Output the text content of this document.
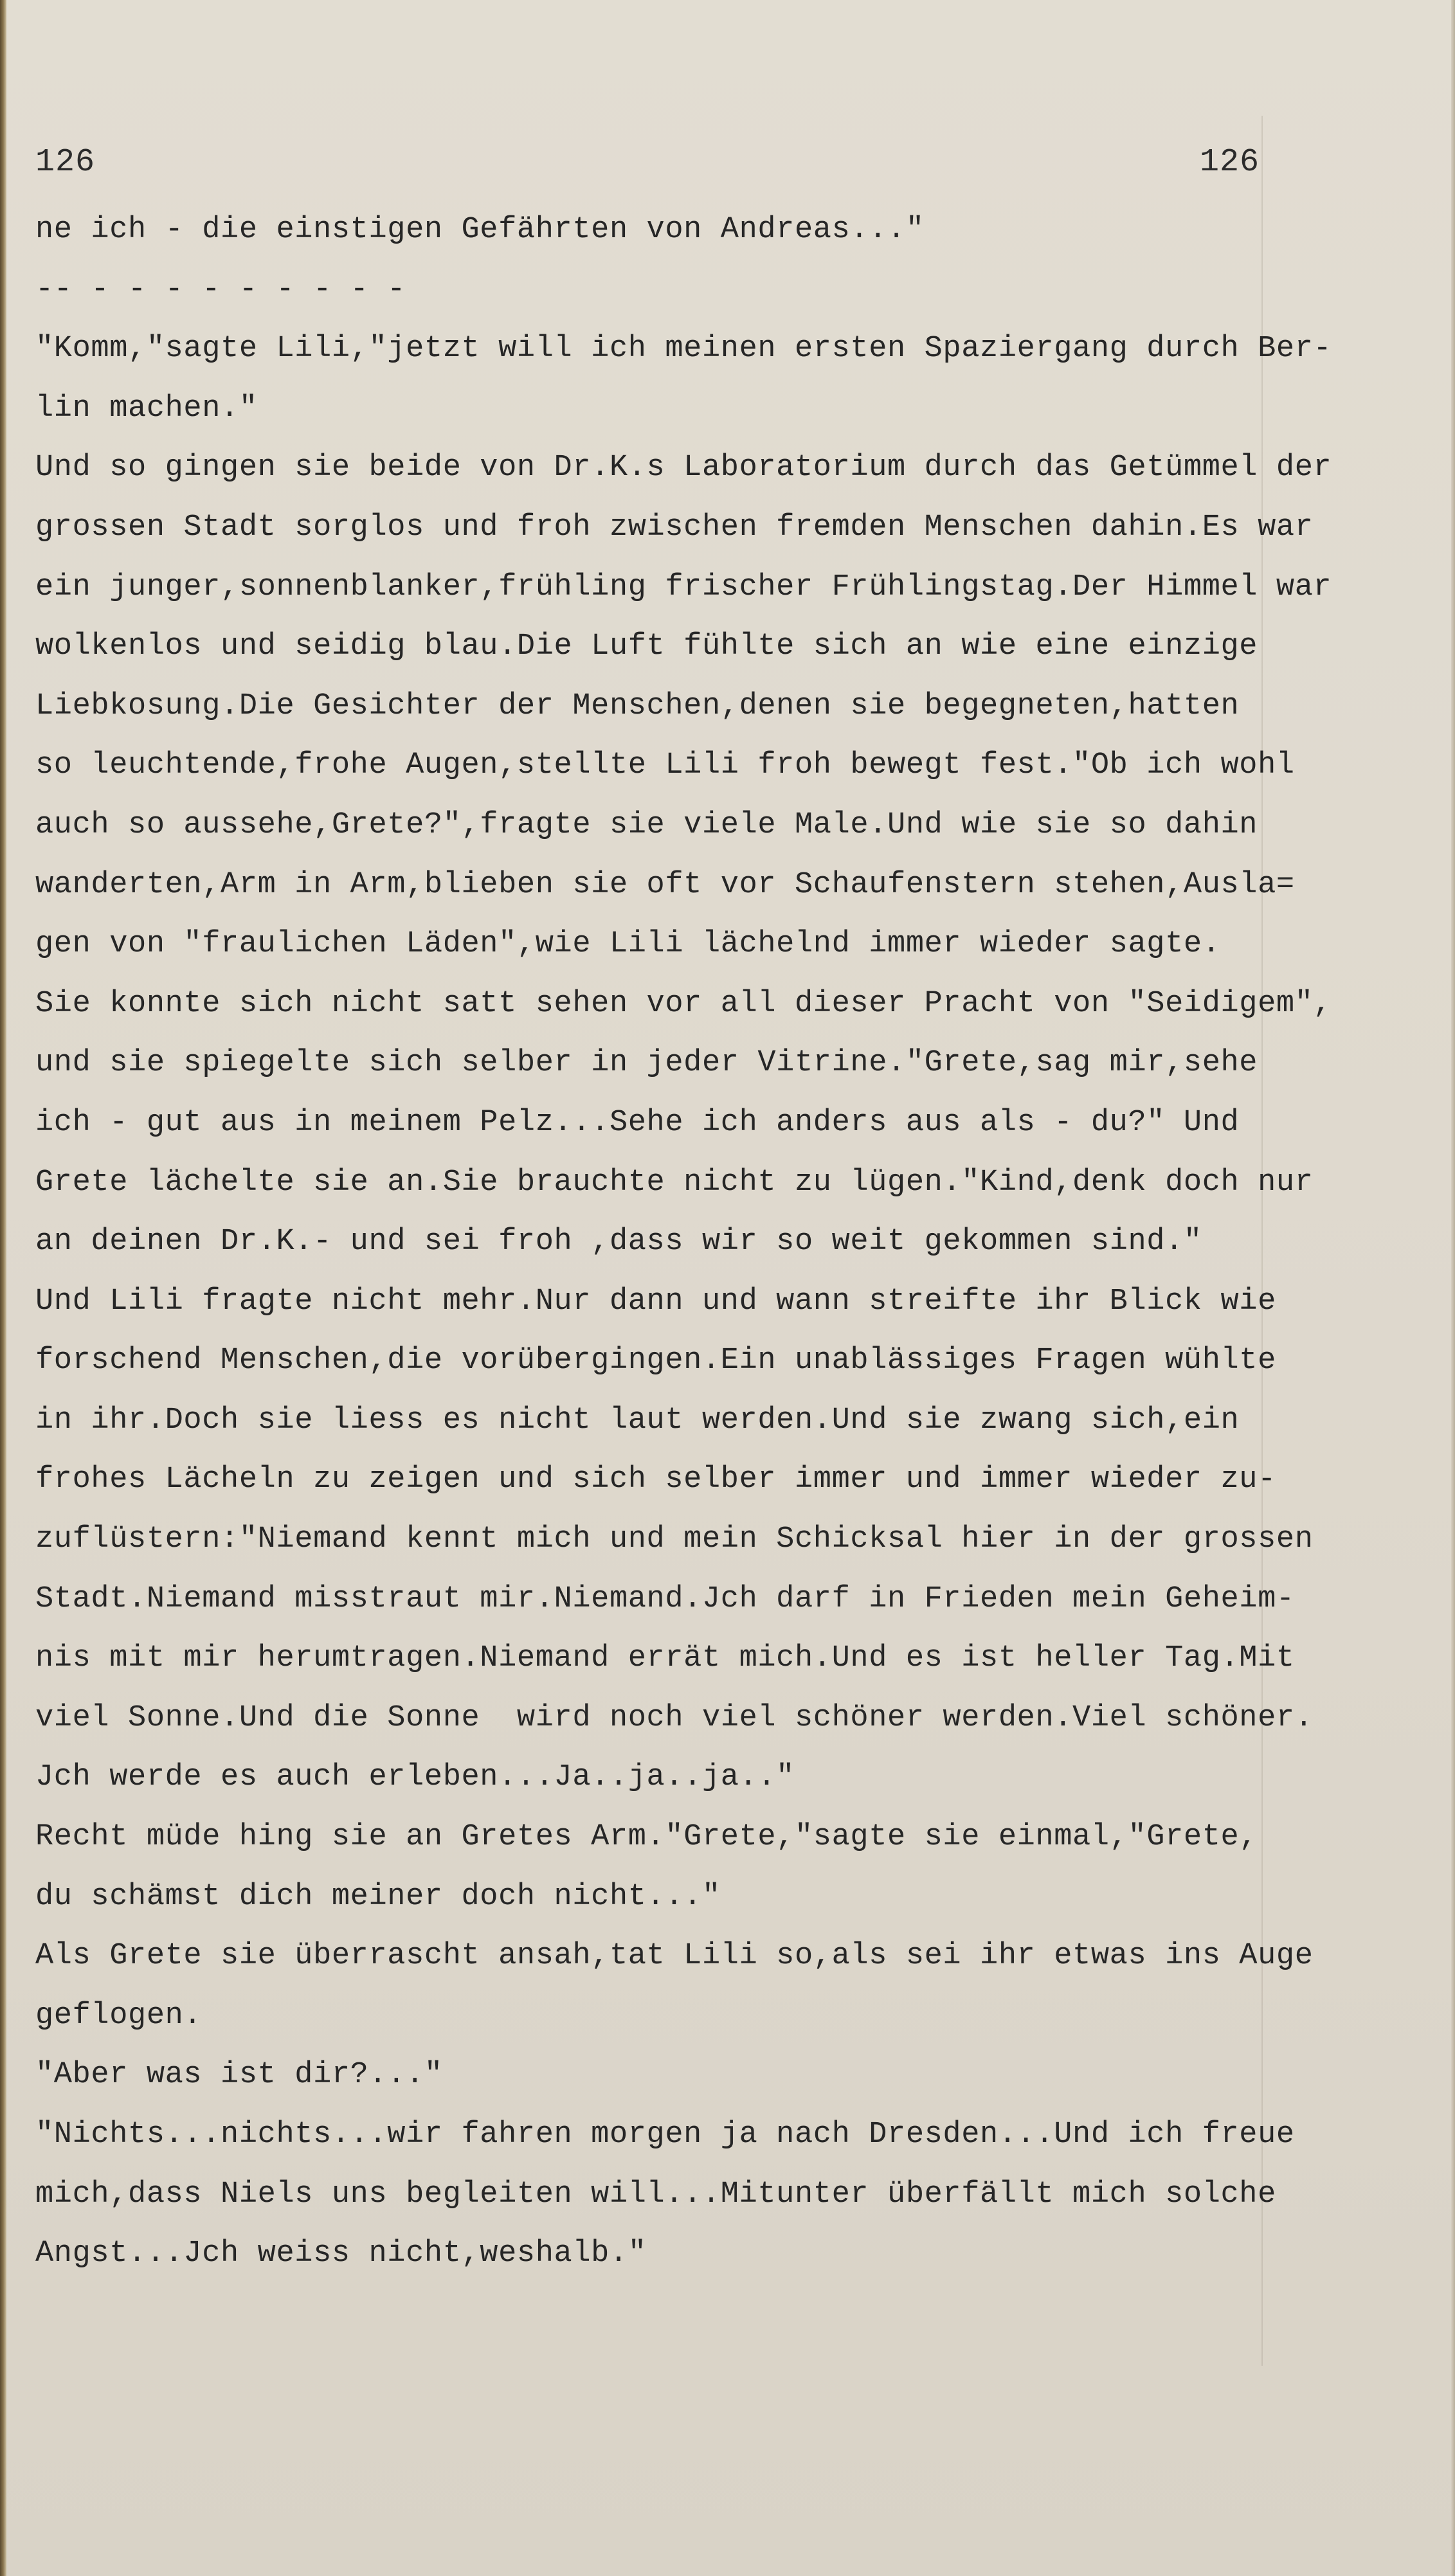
126	126
ne ich - die einstigen Gefährten von Andreas..."
-- - - - - - - - - -
"Komm,"sagte Lili,"jetzt will ich meinen ersten Spaziergang durch Ber-
lin machen."
Und so gingen sie beide von Dr.K.s Laboratorium durch das Getümmel der
grossen Stadt sorglos und froh zwischen fremden Menschen dahin.Es war
ein junger,sonnenblanker,frühling frischer Frühlingstag.Der Himmel war
wolkenlos und seidig blau.Die Luft fühlte sich an wie eine einzige
Liebkosung.Die Gesichter der Menschen,denen sie begegneten,hatten
so leuchtende,frohe Augen,stellte Lili froh bewegt fest."Ob ich wohl
auch so aussehe,Grete?",fragte sie viele Male.Und wie sie so dahin
wanderten,Arm in Arm,blieben sie oft vor Schaufenstern stehen,Ausla=
gen von "fraulichen Läden",wie Lili lächelnd immer wieder sagte.
Sie konnte sich nicht satt sehen vor all dieser Pracht von "Seidigem",
und sie spiegelte sich selber in jeder Vitrine."Grete,sag mir,sehe
ich - gut aus in meinem Pelz...Sehe ich anders aus als - du?" Und
Grete lächelte sie an.Sie brauchte nicht zu lügen."Kind,denk doch nur
an deinen Dr.K.- und sei froh ,dass wir so weit gekommen sind."
Und Lili fragte nicht mehr.Nur dann und wann streifte ihr Blick wie
forschend Menschen,die vorübergingen.Ein unablässiges Fragen wühlte
in ihr.Doch sie liess es nicht laut werden.Und sie zwang sich,ein
frohes Lächeln zu zeigen und sich selber immer und immer wieder zu-
zuflüstern:"Niemand kennt mich und mein Schicksal hier in der grossen
Stadt.Niemand misstraut mir.Niemand.Jch darf in Frieden mein Geheim-
nis mit mir herumtragen.Niemand errät mich.Und es ist heller Tag.Mit
viel Sonne.Und die Sonne  wird noch viel schöner werden.Viel schöner.
Jch werde es auch erleben...Ja..ja..ja.."
Recht müde hing sie an Gretes Arm."Grete,"sagte sie einmal,"Grete,
du schämst dich meiner doch nicht..."
Als Grete sie überrascht ansah,tat Lili so,als sei ihr etwas ins Auge
geflogen.
"Aber was ist dir?..."
"Nichts...nichts...wir fahren morgen ja nach Dresden...Und ich freue
mich,dass Niels uns begleiten will...Mitunter überfällt mich solche
Angst...Jch weiss nicht,weshalb."
